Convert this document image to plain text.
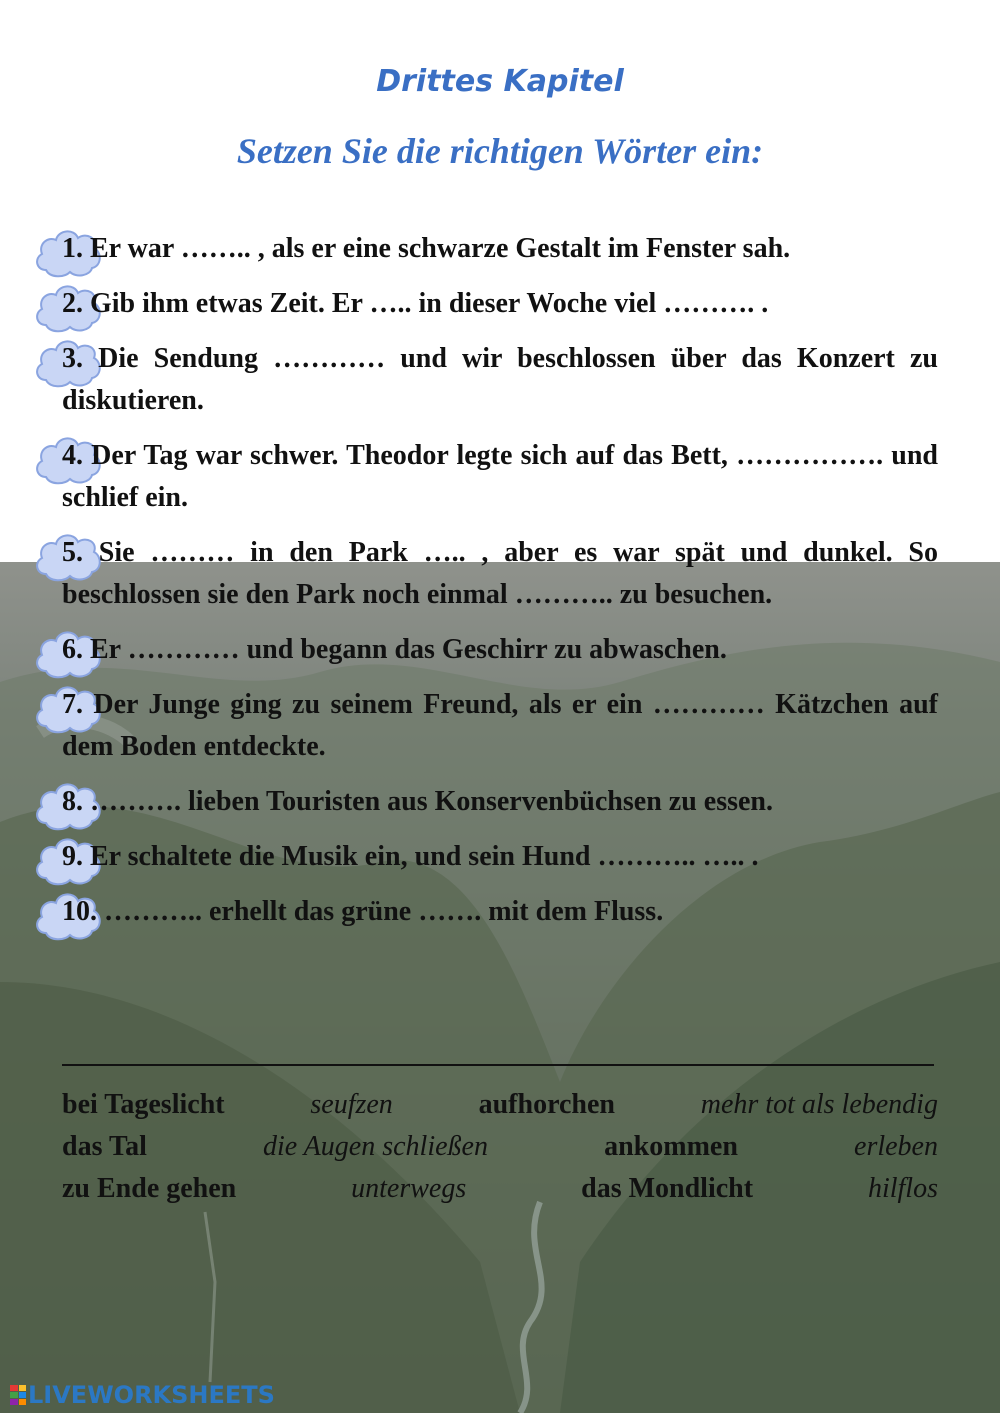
Drittes Kapitel
Setzen Sie die richtigen Wörter ein:
1. Er war …….. , als er eine schwarze Gestalt im Fenster sah.
2. Gib ihm etwas Zeit. Er ….. in dieser Woche viel ………. .
3. Die Sendung ………… und wir beschlossen über das Konzert zu diskutieren.
4. Der Tag war schwer. Theodor legte sich auf das Bett, ……………. und schlief ein.
5. Sie ……… in den Park ….. , aber es war spät und dunkel. So beschlossen sie den Park noch einmal ……….. zu besuchen.
6. Er ………… und begann das Geschirr zu abwaschen.
7. Der Junge ging zu seinem Freund, als er ein ………… Kätzchen auf dem Boden entdeckte.
8. ………. lieben Touristen aus Konservenbüchsen zu essen.
9. Er schaltete die Musik ein, und sein Hund ……….. ….. .
10. ……….. erhellt das grüne ……. mit dem Fluss.
bei Tageslicht	seufzen	aufhorchen	mehr tot als lebendig
das Tal	die Augen schließen	ankommen	erleben
zu Ende gehen	unterwegs	das Mondlicht	hilflos
LIVEWORKSHEETS
